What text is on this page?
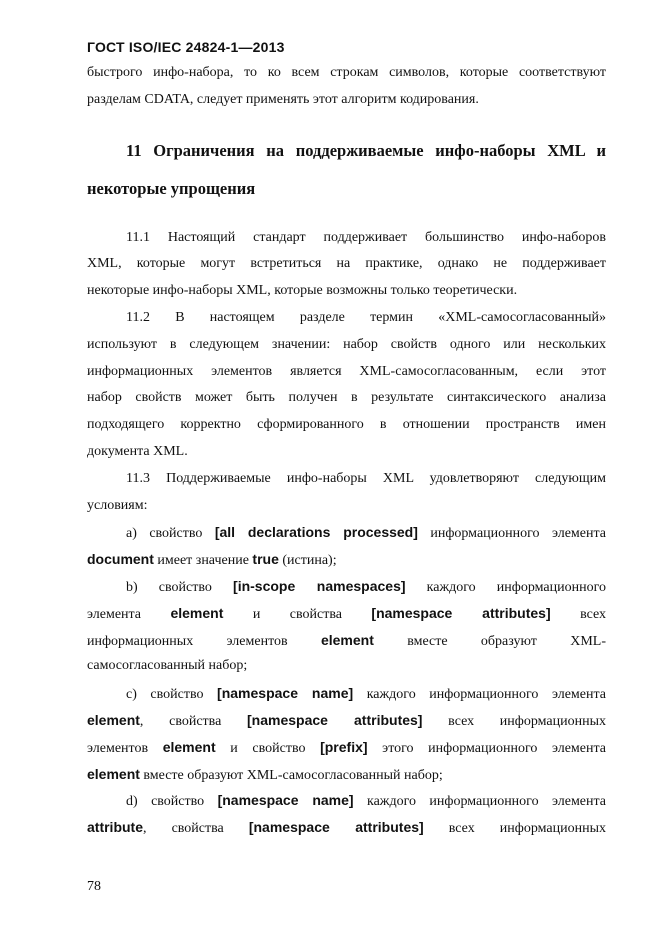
ГОСТ ISO/IEC 24824-1—2013
быстрого инфо-набора, то ко всем строкам символов, которые соответствуют
разделам CDATA, следует применять этот алгоритм кодирования.
11 Ограничения на поддерживаемые инфо-наборы XML и
некоторые упрощения
11.1 Настоящий стандарт поддерживает большинство инфо-наборов
XML, которые могут встретиться на практике, однако не поддерживает
некоторые инфо-наборы XML, которые возможны только теоретически.
11.2 В настоящем разделе термин «XML-самосогласованный»
используют в следующем значении: набор свойств одного или нескольких
информационных элементов является XML-самосогласованным, если этот
набор свойств может быть получен в результате синтаксического анализа
подходящего корректно сформированного в отношении пространств имен
документа XML.
11.3 Поддерживаемые инфо-наборы XML удовлетворяют следующим
условиям:
а) свойство [all declarations processed] информационного элемента
document имеет значение true (истина);
b) свойство [in-scope namespaces] каждого информационного
элемента element и свойства [namespace attributes] всех
информационных элементов element вместе образуют XML-
самосогласованный набор;
c) свойство [namespace name] каждого информационного элемента
element, свойства [namespace attributes] всех информационных
элементов element и свойство [prefix] этого информационного элемента
element вместе образуют XML-самосогласованный набор;
d) свойство [namespace name] каждого информационного элемента
attribute, свойства [namespace attributes] всех информационных
78
